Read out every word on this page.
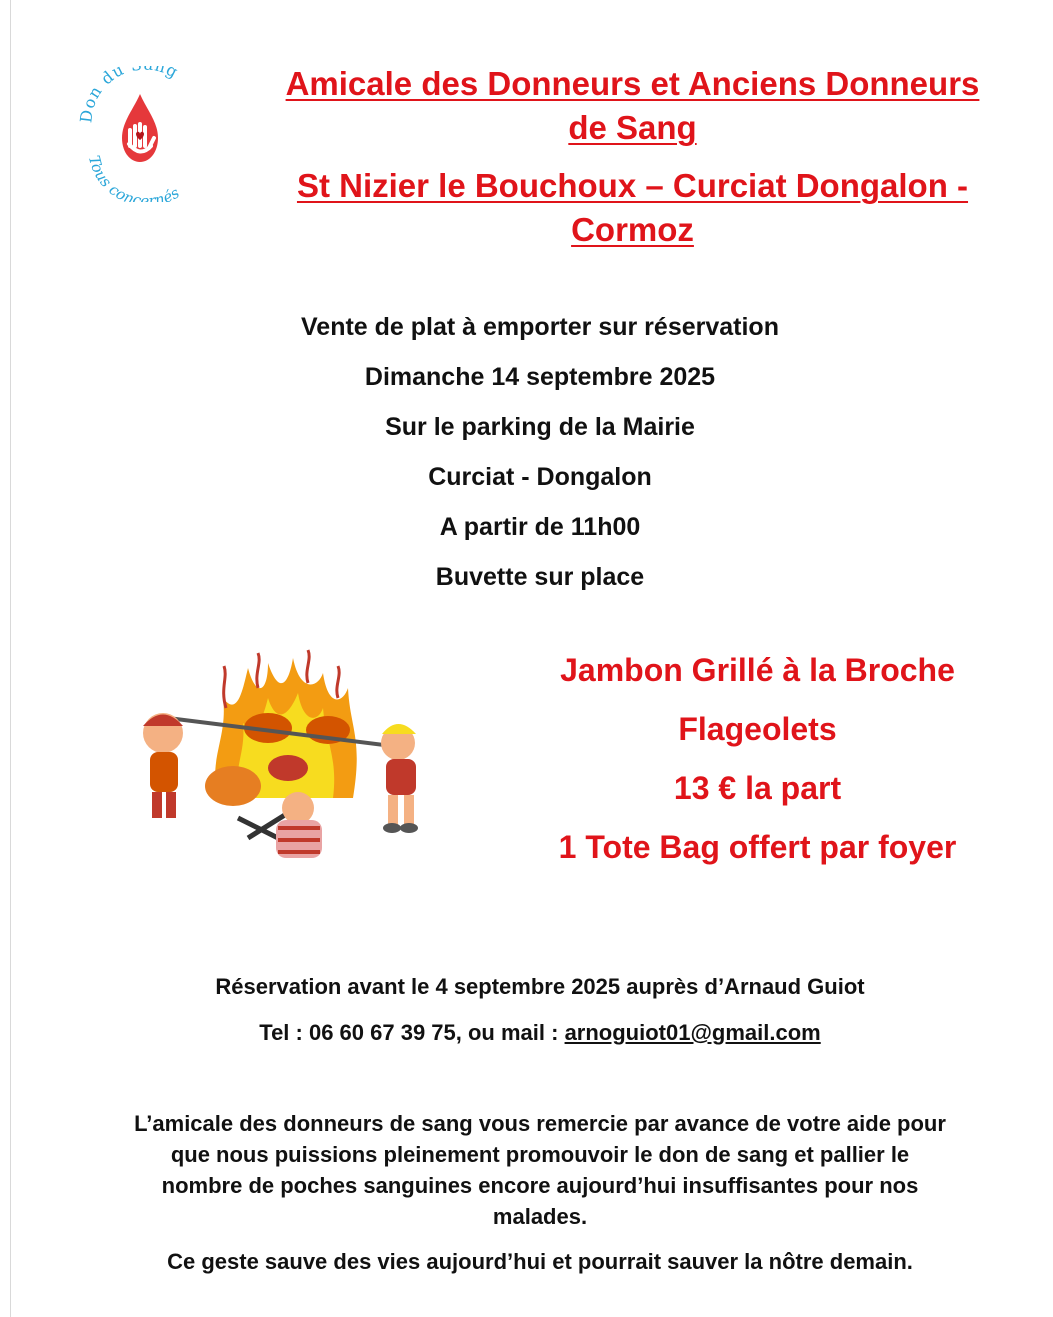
Don du ng
Tous concernés
Amicale des Donneurs et Anciens Donneurs
de Sang
St Nizier le Bouchoux – Curciat Dongalon -
Cormoz
Vente de plat à emporter sur réservation
Dimanche 14 septembre 2025
Sur le parking de la Mairie
Curciat - Dongalon
A partir de 11h00
Buvette sur place
Jambon Grillé à la Broche
Flageolets
13 € la part
1 Tote Bag offert par foyer
Réservation avant le 4 septembre 2025 auprès d’Arnaud Guiot
Tel : 06 60 67 39 75, ou mail : arnoguiot01@gmail.com
L’amicale des donneurs de sang vous remercie par avance de votre aide pour
que nous puissions pleinement promouvoir le don de sang et pallier le
nombre de poches sanguines encore aujourd’hui insuffisantes pour nos
malades.
Ce geste sauve des vies aujourd’hui et pourrait sauver la nôtre demain.
